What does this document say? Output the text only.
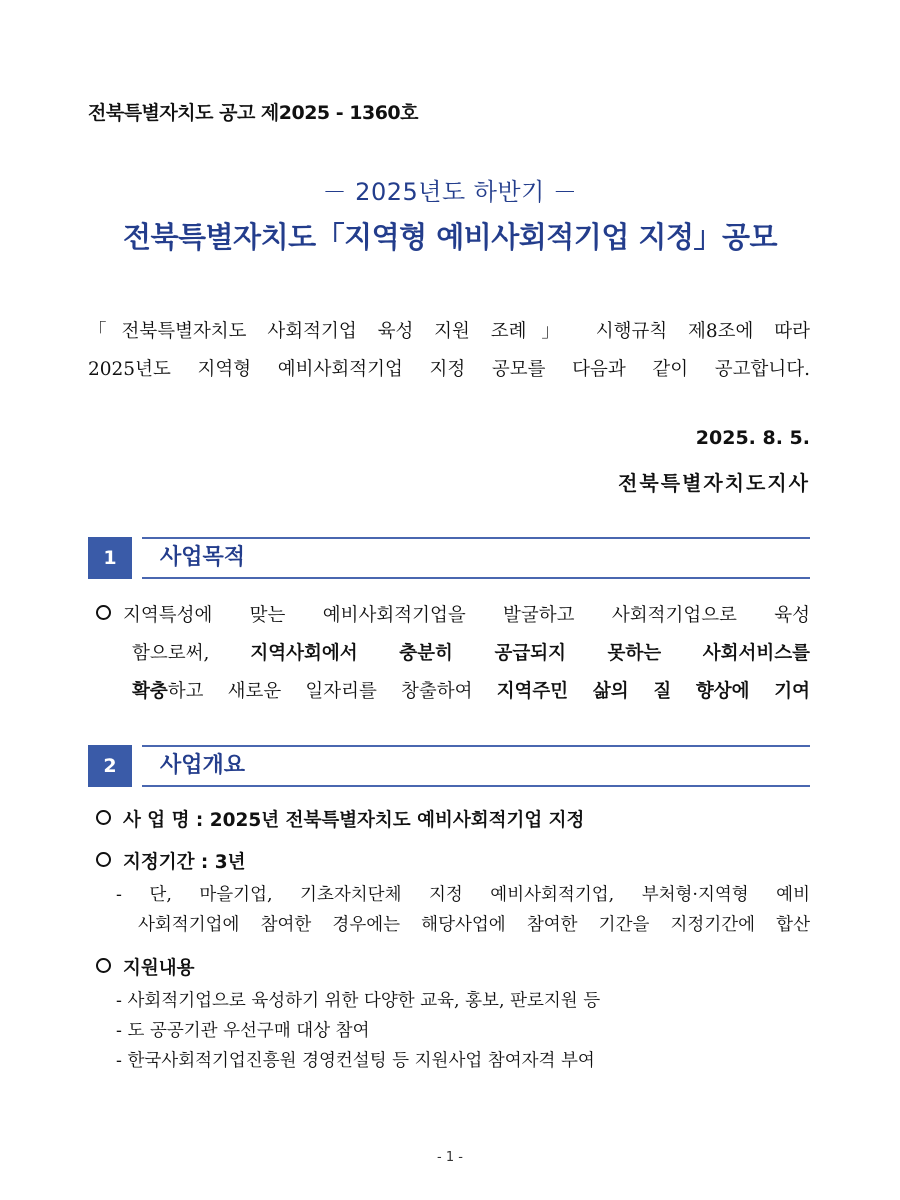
전북특별자치도 공고 제2025 - 1360호
－ 2025년도 하반기 －
전북특별자치도「지역형 예비사회적기업 지정」공모
「전북특별자치도 사회적기업 육성 지원 조례」 시행규칙 제8조에 따라
2025년도 지역형 예비사회적기업 지정 공모를 다음과 같이 공고합니다.
2025. 8. 5.
전북특별자치도지사
1	사업목적
지역특성에 맞는 예비사회적기업을 발굴하고 사회적기업으로 육성
함으로써, 지역사회에서 충분히 공급되지 못하는 사회서비스를
확충하고 새로운 일자리를 창출하여 지역주민 삶의 질 향상에 기여
2	사업개요
사 업 명 : 2025년 전북특별자치도 예비사회적기업 지정
지정기간 : 3년
- 단, 마을기업, 기초자치단체 지정 예비사회적기업, 부처형·지역형 예비
사회적기업에 참여한 경우에는 해당사업에 참여한 기간을 지정기간에 합산
지원내용
- 사회적기업으로 육성하기 위한 다양한 교육, 홍보, 판로지원 등
- 도 공공기관 우선구매 대상 참여
- 한국사회적기업진흥원 경영컨설팅 등 지원사업 참여자격 부여
- 1 -
